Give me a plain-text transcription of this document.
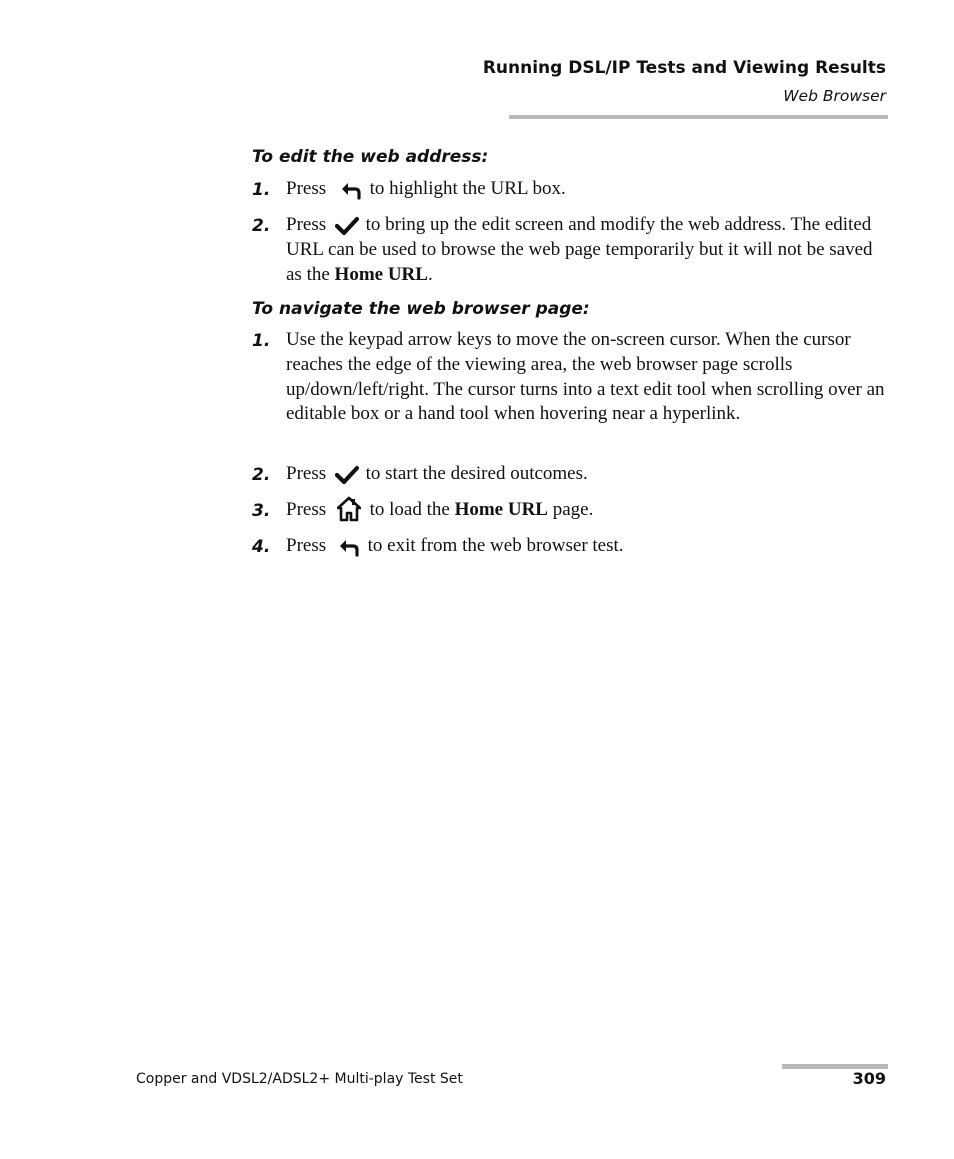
Running DSL/IP Tests and Viewing Results
Web Browser
To edit the web address:
1. Press to highlight the URL box.
2. Press to bring up the edit screen and modify the web address. The edited URL can be used to browse the web page temporarily but it will not be saved as the Home URL.
To navigate the web browser page:
1. Use the keypad arrow keys to move the on-screen cursor. When the cursor reaches the edge of the viewing area, the web browser page scrolls up/down/left/right. The cursor turns into a text edit tool when scrolling over an editable box or a hand tool when hovering near a hyperlink.
2. Press to start the desired outcomes.
3. Press to load the Home URL page.
4. Press to exit from the web browser test.
Copper and VDSL2/ADSL2+ Multi-play Test Set	309
